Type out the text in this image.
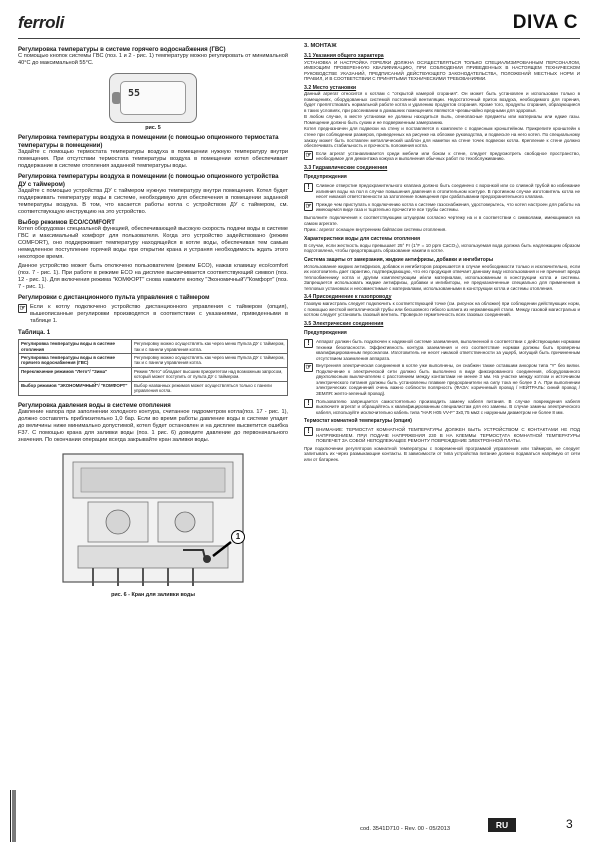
ferroli	DIVA C
Регулировка температуры в системе горячего водоснабжения (ГВС)
С помощью кнопок системы ГВС (поз. 1 и 2 - рис. 1) температуру можно регулировать от минимальной 40°C до максимальной 55°C.
55
рис. 5
Регулировка температуры воздуха в помещении (с помощью опционного термостата температуры в помещении)
Задайте с помощью термостата температуры воздуха в помещении нужную температуру внутри помещения. При отсутствии термостата температуры воздуха в помещении котел обеспечивает поддержание в системе отопления заданной температуры воды.
Регулировка температуры воздуха в помещении (с помощью опционного устройства ДУ с таймером)
Задайте с помощью устройства ДУ с таймером нужную температуру внутри помещения. Котел будет поддерживать температуру воды в системе, необходимую для обеспечения в помещении заданной температуры воздуха. В том, что касается работы котла с устройством ДУ с таймером, см. соответствующую инструкцию на это устройство.
Выбор режимов ECO/COMFORT
Котел оборудован специальной функцией, обеспечивающей высокую скорость подачи воды в системе ГВС и максимальный комфорт для пользователя. Когда это устройство задействовано (режим COMFORT), оно поддерживает температуру находящейся в котле воды, обеспечивая тем самым немедленное поступление горячей воды при открытии крана и устраняя необходимость ждать этого некоторое время.
Данное устройство может быть отключено пользователем (режим ECO), нажав клавишу eco/comfort (поз. 7 - рис. 1). При работе в режиме ECO на дисплее высвечивается соответствующий символ (поз. 12 - рис. 1). Для включения режима "КОМФОРТ" снова нажмите кнопку "Экономичный"/"Комфорт" (поз. 7 - рис. 1).
Регулировки с дистанционного пульта управления с таймером
☞ Если к котлу подключено устройство дистанционного управления с таймером (опция), вышеописанные регулировки производятся в соответствии с указаниями, приведенными в таблице 1.
Таблица. 1
Регулировка температуры воды в системе отопления	Регулировку можно осуществлять как через меню Пульта ДУ с таймером, так и с панели управления котла.
Регулировка температуры воды в системе горячего водоснабжения (ГВС)	Регулировку можно осуществлять как через меню Пульта ДУ с таймером, так и с панели управления котла.
Переключение режимов "Лето"/ "Зима"	Режим "Лето" обладает высшим приоритетом над возможным запросом, который может поступить от пульта ДУ с таймером.
Выбор режимов "ЭКОНОМИЧНЫЙ"/ "КОМФОРТ"	Выбор названных режимов может осуществляться только с панели управления котла.
Регулировка давления воды в системе отопления
Давление напора при заполнении холодного контура, считанное гидрометром котла(поз. 17 - рис. 1), должно составлять приблизительно 1,0 бар. Если во время работы давление воды в системе упадет до величины ниже минимально допустимой, котел будет остановлен и на дисплее высветится ошибка F37. С помощью крана для заливки воды (поз. 1 рис. 6) доведите давление до первоначального значения. По окончании операции всегда закрывайте кран заливки воды.
1
рис. 6 - Кран для заливки воды
3. МОНТАЖ
3.1 Указания общего характера
УСТАНОВКА И НАСТРОЙКА ГОРЕЛКИ ДОЛЖНА ОСУЩЕСТВЛЯТЬСЯ ТОЛЬКО СПЕЦИАЛИЗИРОВАННЫМ ПЕРСОНАЛОМ, ИМЕЮЩИМ ПРОВЕРЕННУЮ КВАЛИФИКАЦИЮ, ПРИ СОБЛЮДЕНИИ ПРИВЕДЕННЫХ В НАСТОЯЩЕМ ТЕХНИЧЕСКОМ РУКОВОДСТВЕ УКАЗАНИЙ, ПРЕДПИСАНИЙ ДЕЙСТВУЮЩЕГО ЗАКОНОДАТЕЛЬСТВА, ПОЛОЖЕНИЙ МЕСТНЫХ НОРМ И ПРАВИЛ, И В СООТВЕТСТВИИ С ПРИНЯТЫМИ ТЕХНИЧЕСКИМИ ТРЕБОВАНИЯМИ.
3.2 Место установки
Данный агрегат относится к котлам с "открытой камерой сгорания". Он может быть установлен и использован только в помещениях, оборудованных системой постоянной вентиляции. Недостаточный приток воздуха, необходимого для горения, будет препятствовать нормальной работе котла и удалению продуктов сгорания. Кроме того, продукты сгорания, образующиеся в таких условиях, при рассеивании в домашних помещениях являются чрезвычайно вредными для здоровья.
В любом случае, в месте установки не должны находиться пыль, огнеопасные предметы или материалы или едкие газы. Помещение должно быть сухим и не подверженным замерзанию.
Котел предназначен для подвески на стену и поставляется в комплекте с подвесным кронштейном. Прикрепите кронштейн к стене при соблюдении размеров, приведенных на рисунке на обложке руководства, и подвесьте на него котел. По специальному заказу может быть поставлен металлический шаблон для наметки на стене точек подвески котла. Крепление к стене должно обеспечивать стабильность и прочность положения котла.
☞ Если агрегат устанавливается среди мебели или боком к стене, следует предусмотреть свободное пространство, необходимое для демонтажа кожуха и выполнения обычных работ по техобслуживанию.
3.3 Гидравлические соединения
Предупреждения
!	Сливное отверстие предохранительного клапана должно быть соединено с воронкой или со сливной трубой во избежание излияния воды на пол в случае повышения давления в отопительном контуре. В противном случае изготовитель котла не несет никакой ответственности за затопление помещения при срабатывании предохранительного клапана.
☞ Прежде чем приступать к подключению котла к системе газоснабжения, удостоверьтесь, что котел настроен для работы на имеющемся виде газа и тщательно прочистите все трубы системы.
Выполните подключения к соответствующим штуцерам согласно чертежу на и в соответствии с символами, имеющимися на самом агрегате.
Прим.: агрегат оснащен внутренним байпасом системы отопления.
Характеристики воды для системы отопления
В случае, если жесткость воды превышает 25° Fr (1°F = 10 ppm CaCO₃), используемая вода должна быть надлежащим образом подготовлена, чтобы предотвращать образование накипи в котле.
Система защиты от замерзания, жидкие антифризы, добавки и ингибиторы
Использование жидких антифризов, добавок и ингибиторов разрешается в случае необходимости только и исключительно, если их изготовитель дает гарантию, подтверждающую, что его продукция отвечает данному виду использования и не причинит вреда теплообменнику котла и другим комплектующим и/или материалам, использованным в конструкции котла и системы. Запрещается использовать жидкие антифризы, добавки и ингибиторы, не предназначенные специально для применения в тепловых установках и несовместимые с материалами, использованными в конструкции котла и системы отопления.
3.4 Присоединение к газопроводу
Газовую магистраль следует подключить к соответствующей точке (см. рисунок на обложке) при соблюдении действующих норм, с помощью жесткой металлической трубы или бесшовного гибкого шланга из нержавеющей стали. Между газовой магистралью и котлом следует установить газовый вентиль. Проверьте герметичность всех газовых соединений.
3.5 Электрические соединения
Предупреждения
!	Аппарат должен быть подключен к надежной системе заземления, выполненной в соответствии с действующими нормами техники безопасности. Эффективность контура заземления и его соответствие нормам должны быть проверены квалифицированным персоналом. Изготовитель не несет никакой ответственности за ущерб, могущий быть причиненным отсутствием заземления аппарата.
☞ Внутренняя электрическая соединения в котле уже выполнены, он снабжен также оставшим анкором типа "Y" без вилки. Подключение к электрической сети должно быть выполнено в виде фиксированного соединения, оборудованного двухполюсным выключателем с расстоянием между контактами не менее 3 мм. На участке между котлом и источником электрического питания должны быть установлены плавкие предохранители на силу тока не более 3 А. При выполнении электрических соединений очень важно соблюсти полярность (ФАЗА: коричневый провод / НЕЙТРАЛЬ: синий провод / ЗЕМЛЯ: желто-зеленый провод).
!	Пользователю запрещается самостоятельно производить замену кабеля питания. В случае повреждения кабеля выключите агрегат и обращайтесь к квалифицированным специалистам для его замены. В случае замены электрического кабеля, используйте исключительно кабель типа "HAR H05 VV-F" 3x0,75 мм2 с наружным диаметром не более 8 мм.
Термостат комнатной температуры (опция)
!	ВНИМАНИЕ: ТЕРМОСТАТ КОМНАТНОЙ ТЕМПЕРАТУРЫ ДОЛЖЕН БЫТЬ УСТРОЙСТВОМ С КОНТАКТАМИ НЕ ПОД НАПРЯЖЕНИЕМ. ПРИ ПОДАЧЕ НАПРЯЖЕНИЯ 230 В НА КЛЕММЫ ТЕРМОСТАТА КОМНАТНОЙ ТЕМПЕРАТУРЫ ПОВЛЕЧЕТ ЗА СОБОЙ НЕПОДЛЕЖАЩЕЕ РЕМОНТУ ПОВРЕЖДЕНИЕ ЭЛЕКТРОННОЙ ПЛАТЫ.
При подключении регуляторов комнатной температуры с повременной программой управления или таймеров, не следует запитывать их через размыкающие контакты. В зависимости от типа устройства питание должно подаваться напрямую от сети или от батареек.
cod. 3541D710 - Rev. 00 - 05/2013	RU	3
